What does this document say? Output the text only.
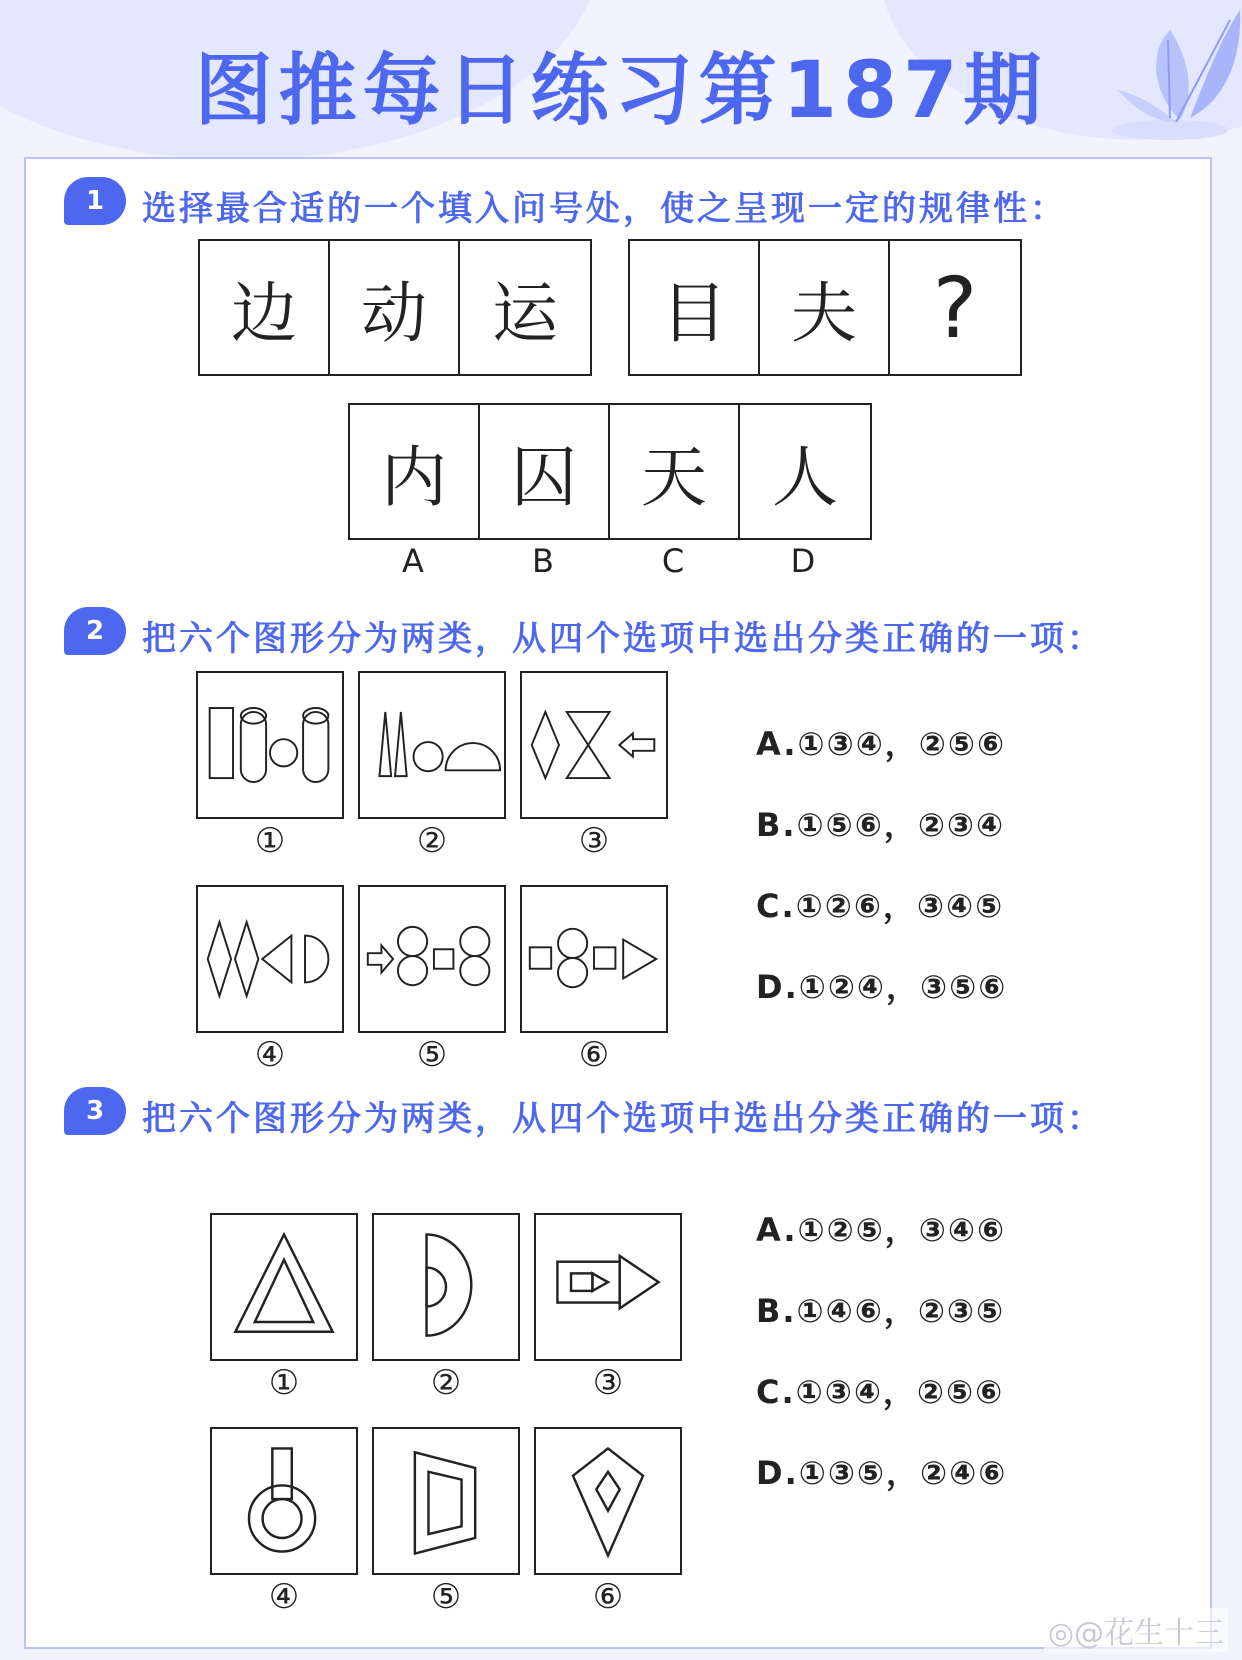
图推每日练习第187期
1	选择最合适的一个填入问号处，使之呈现一定的规律性：
边 动 运	目 夫 ?
内 囚 天 人
A	B	C	D
2	把六个图形分为两类，从四个选项中选出分类正确的一项：
①	②	③
④	⑤	⑥
A.①③④，②⑤⑥
B.①⑤⑥，②③④
C.①②⑥，③④⑤
D.①②④，③⑤⑥
3	把六个图形分为两类，从四个选项中选出分类正确的一项：
①	②	③
④	⑤	⑥
A.①②⑤，③④⑥
B.①④⑥，②③⑤
C.①③④，②⑤⑥
D.①③⑤，②④⑥
◎@花生十三
